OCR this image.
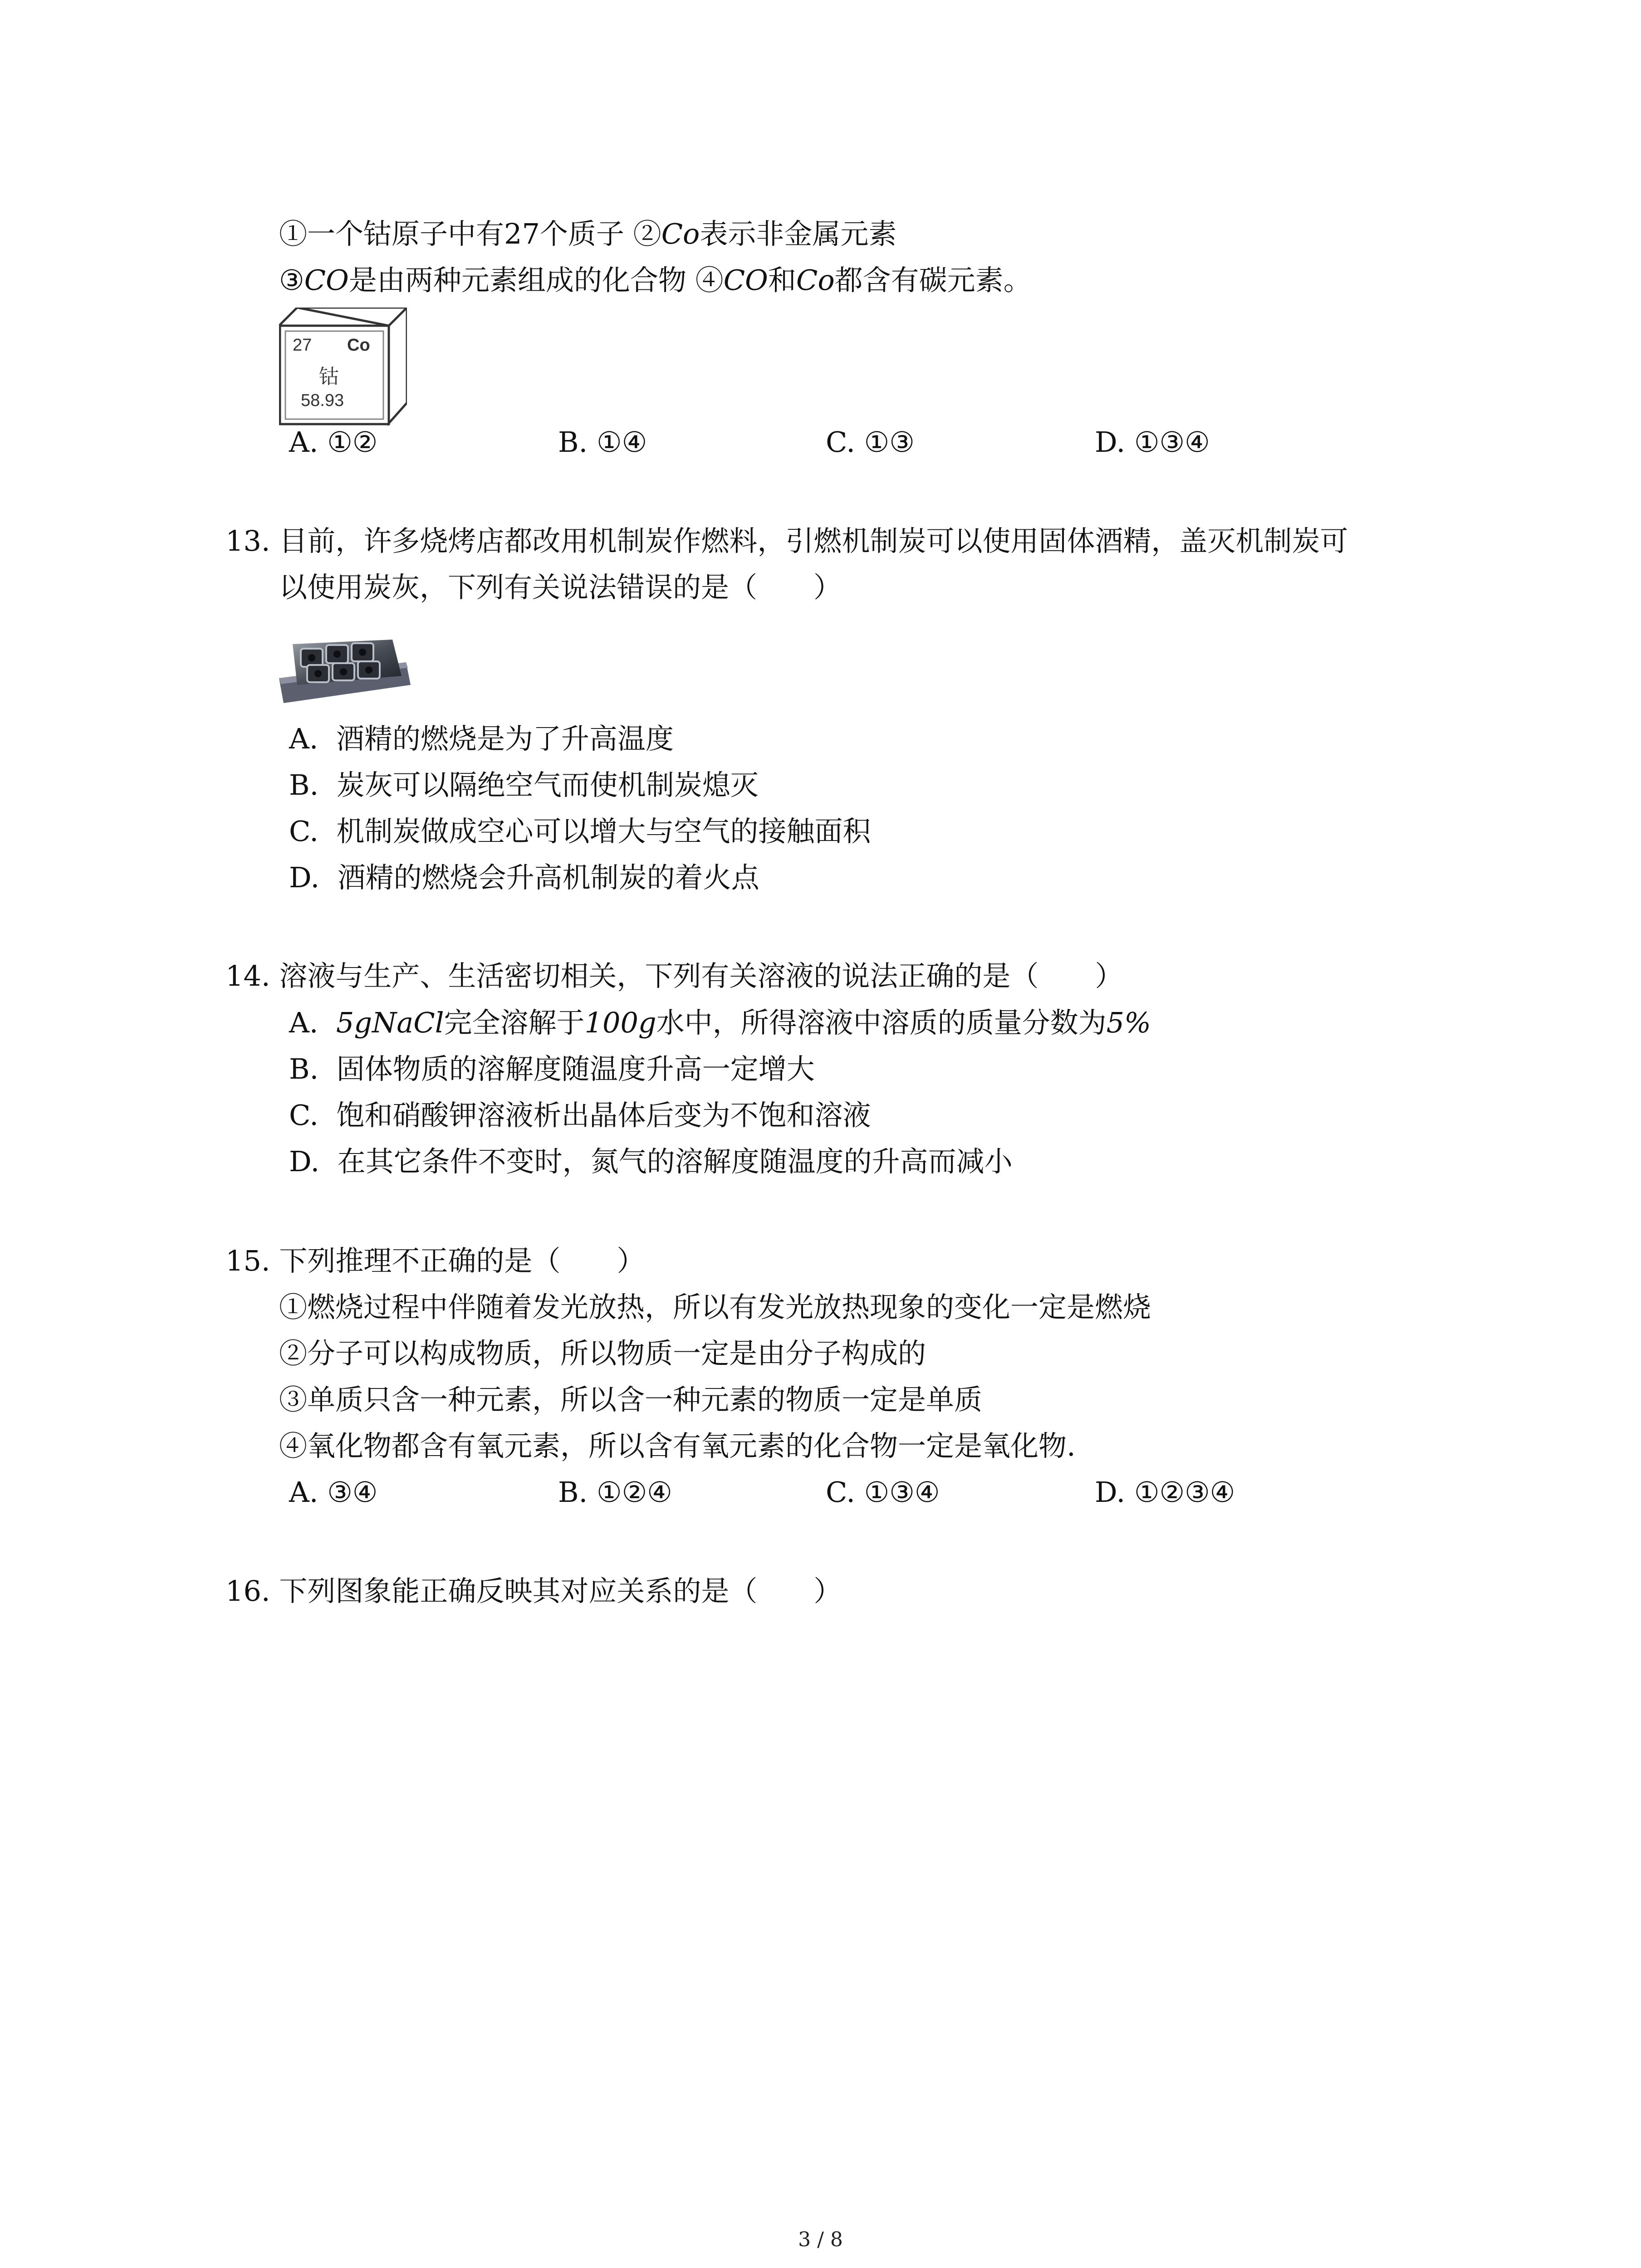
①一个钴原子中有27个质子 ②Co表示非金属元素
③CO是由两种元素组成的化合物 ④CO和Co都含有碳元素。
27 Co
钴
58.93
A. ①②	B. ①④	C. ①③	D. ①③④
13. 目前，许多烧烤店都改用机制炭作燃料，引燃机制炭可以使用固体酒精，盖灭机制炭可
以使用炭灰，下列有关说法错误的是（　　）
A. 酒精的燃烧是为了升高温度
B. 炭灰可以隔绝空气而使机制炭熄灭
C. 机制炭做成空心可以增大与空气的接触面积
D. 酒精的燃烧会升高机制炭的着火点
14. 溶液与生产、生活密切相关，下列有关溶液的说法正确的是（　　）
A. 5gNaCl完全溶解于100g水中，所得溶液中溶质的质量分数为5%
B. 固体物质的溶解度随温度升高一定增大
C. 饱和硝酸钾溶液析出晶体后变为不饱和溶液
D. 在其它条件不变时，氮气的溶解度随温度的升高而减小
15. 下列推理不正确的是（　　）
①燃烧过程中伴随着发光放热，所以有发光放热现象的变化一定是燃烧
②分子可以构成物质，所以物质一定是由分子构成的
③单质只含一种元素，所以含一种元素的物质一定是单质
④氧化物都含有氧元素，所以含有氧元素的化合物一定是氧化物.
A. ③④	B. ①②④	C. ①③④	D. ①②③④
16. 下列图象能正确反映其对应关系的是（　　）
3 / 8
